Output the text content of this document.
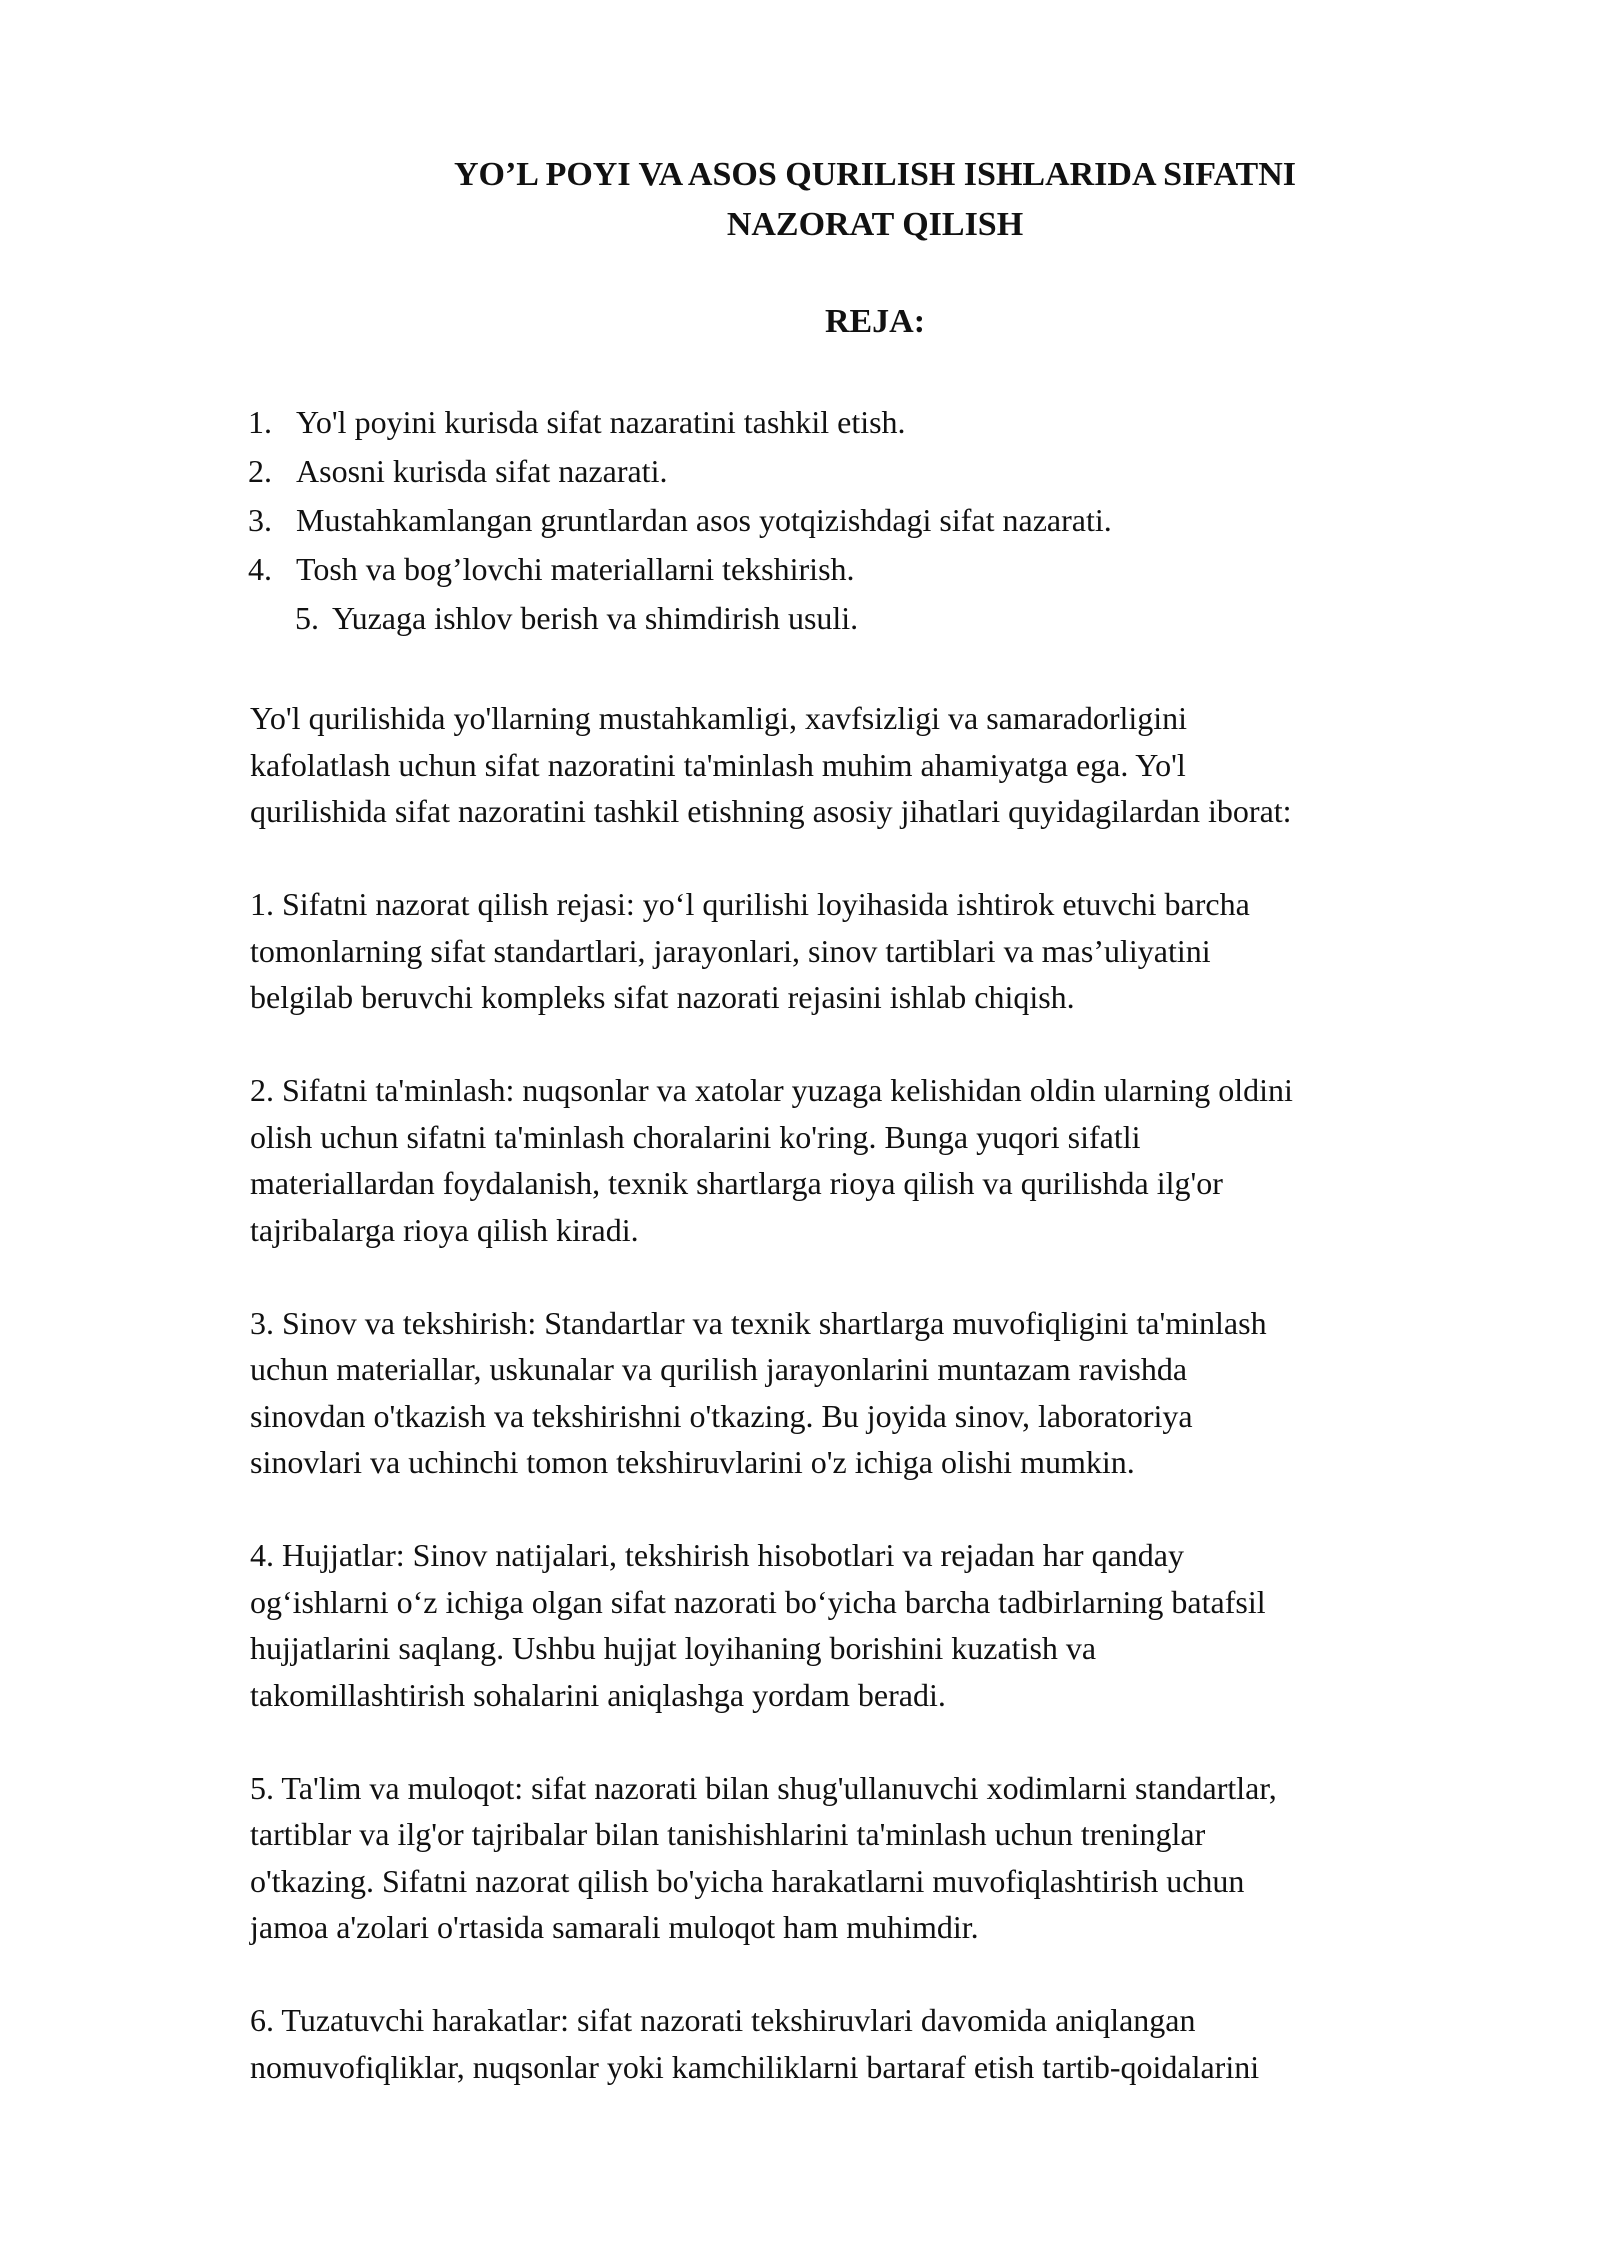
YO’L POYI VA ASOS QURILISH ISHLARIDA SIFATNI
NAZORAT QILISH
REJA:
1. Yo'l poyini kurisda sifat nazaratini tashkil etish.
2. Asosni kurisda sifat nazarati.
3. Mustahkamlangan gruntlardan asos yotqizishdagi sifat nazarati.
4. Tosh va bog’lovchi materiallarni tekshirish.
5. Yuzaga ishlov berish va shimdirish usuli.

Yo'l qurilishida yo'llarning mustahkamligi, xavfsizligi va samaradorligini
kafolatlash uchun sifat nazoratini ta'minlash muhim ahamiyatga ega. Yo'l
qurilishida sifat nazoratini tashkil etishning asosiy jihatlari quyidagilardan iborat:

1. Sifatni nazorat qilish rejasi: yo‘l qurilishi loyihasida ishtirok etuvchi barcha
tomonlarning sifat standartlari, jarayonlari, sinov tartiblari va mas’uliyatini
belgilab beruvchi kompleks sifat nazorati rejasini ishlab chiqish.

2. Sifatni ta'minlash: nuqsonlar va xatolar yuzaga kelishidan oldin ularning oldini
olish uchun sifatni ta'minlash choralarini ko'ring. Bunga yuqori sifatli
materiallardan foydalanish, texnik shartlarga rioya qilish va qurilishda ilg'or
tajribalarga rioya qilish kiradi.

3. Sinov va tekshirish: Standartlar va texnik shartlarga muvofiqligini ta'minlash
uchun materiallar, uskunalar va qurilish jarayonlarini muntazam ravishda
sinovdan o'tkazish va tekshirishni o'tkazing. Bu joyida sinov, laboratoriya
sinovlari va uchinchi tomon tekshiruvlarini o'z ichiga olishi mumkin.

4. Hujjatlar: Sinov natijalari, tekshirish hisobotlari va rejadan har qanday
og‘ishlarni o‘z ichiga olgan sifat nazorati bo‘yicha barcha tadbirlarning batafsil
hujjatlarini saqlang. Ushbu hujjat loyihaning borishini kuzatish va
takomillashtirish sohalarini aniqlashga yordam beradi.

5. Ta'lim va muloqot: sifat nazorati bilan shug'ullanuvchi xodimlarni standartlar,
tartiblar va ilg'or tajribalar bilan tanishishlarini ta'minlash uchun treninglar
o'tkazing. Sifatni nazorat qilish bo'yicha harakatlarni muvofiqlashtirish uchun
jamoa a'zolari o'rtasida samarali muloqot ham muhimdir.

6. Tuzatuvchi harakatlar: sifat nazorati tekshiruvlari davomida aniqlangan
nomuvofiqliklar, nuqsonlar yoki kamchiliklarni bartaraf etish tartib-qoidalarini
